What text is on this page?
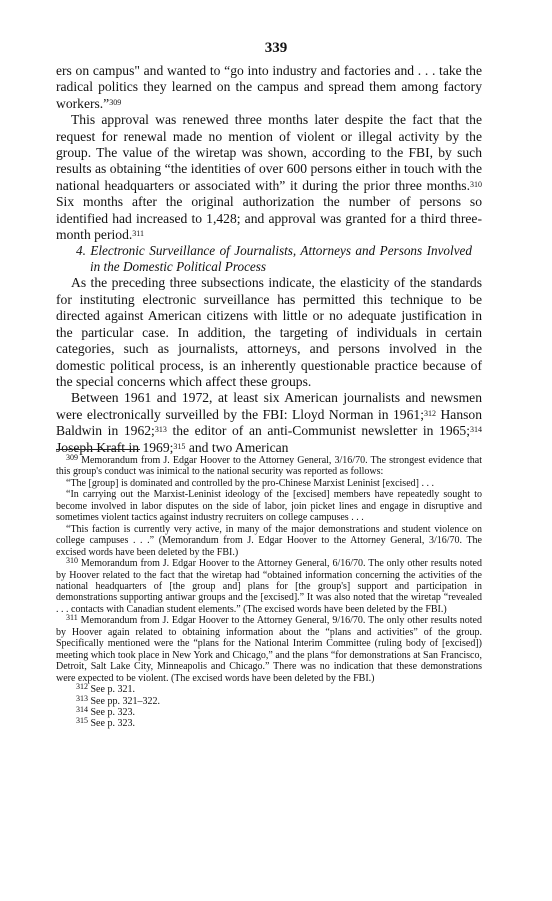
339

ers on campus" and wanted to “go into industry and factories and . . . take the radical politics they learned on the campus and spread them among factory workers.”$^{309}$

This approval was renewed three months later despite the fact that the request for renewal made no mention of violent or illegal activity by the group. The value of the wiretap was shown, according to the FBI, by such results as obtaining “the identities of over 600 persons either in touch with the national headquarters or associated with” it during the prior three months.$^{310}$ Six months after the original authorization the number of persons so identified had increased to 1,428; and approval was granted for a third three-month period.$^{311}$

4. Electronic Surveillance of Journalists, Attorneys and Persons Involved in the Domestic Political Process

As the preceding three subsections indicate, the elasticity of the standards for instituting electronic surveillance has permitted this technique to be directed against American citizens with little or no adequate justification in the particular case. In addition, the targeting of individuals in certain categories, such as journalists, attorneys, and persons involved in the domestic political process, is an inherently questionable practice because of the special concerns which affect these groups.

Between 1961 and 1972, at least six American journalists and newsmen were electronically surveilled by the FBI: Lloyd Norman in 1961;$^{312}$ Hanson Baldwin in 1962;$^{313}$ the editor of an anti-Communist newsletter in 1965;$^{314}$ Joseph Kraft in 1969;$^{315}$ and two American

$^{309}$ Memorandum from J. Edgar Hoover to the Attorney General, 3/16/70. The strongest evidence that this group's conduct was inimical to the national security was reported as follows:

“The [group] is dominated and controlled by the pro-Chinese Marxist Leninist [excised] . . .

“In carrying out the Marxist-Leninist ideology of the [excised] members have repeatedly sought to become involved in labor disputes on the side of labor, join picket lines and engage in disruptive and sometimes violent tactics against industry recruiters on college campuses . . .

“This faction is currently very active, in many of the major demonstrations and student violence on college campuses . . .” (Memorandum from J. Edgar Hoover to the Attorney General, 3/16/70. The excised words have been deleted by the FBI.)

$^{310}$ Memorandum from J. Edgar Hoover to the Attorney General, 6/16/70. The only other results noted by Hoover related to the fact that the wiretap had “obtained information concerning the activities of the national headquarters of [the group and] plans for [the group's] support and participation in demonstrations supporting antiwar groups and the [excised].” It was also noted that the wiretap “revealed . . . contacts with Canadian student elements.” (The excised words have been deleted by the FBI.)

$^{311}$ Memorandum from J. Edgar Hoover to the Attorney General, 9/16/70. The only other results noted by Hoover again related to obtaining information about the “plans and activities” of the group. Specifically mentioned were the “plans for the National Interim Committee (ruling body of [excised]) meeting which took place in New York and Chicago,” and the plans “for demonstrations at San Francisco, Detroit, Salt Lake City, Minneapolis and Chicago.” There was no indication that these demonstrations were expected to be violent. (The excised words have been deleted by the FBI.)

$^{312}$ See p. 321.

$^{313}$ See pp. 321–322.

$^{314}$ See p. 323.

$^{315}$ See p. 323.
